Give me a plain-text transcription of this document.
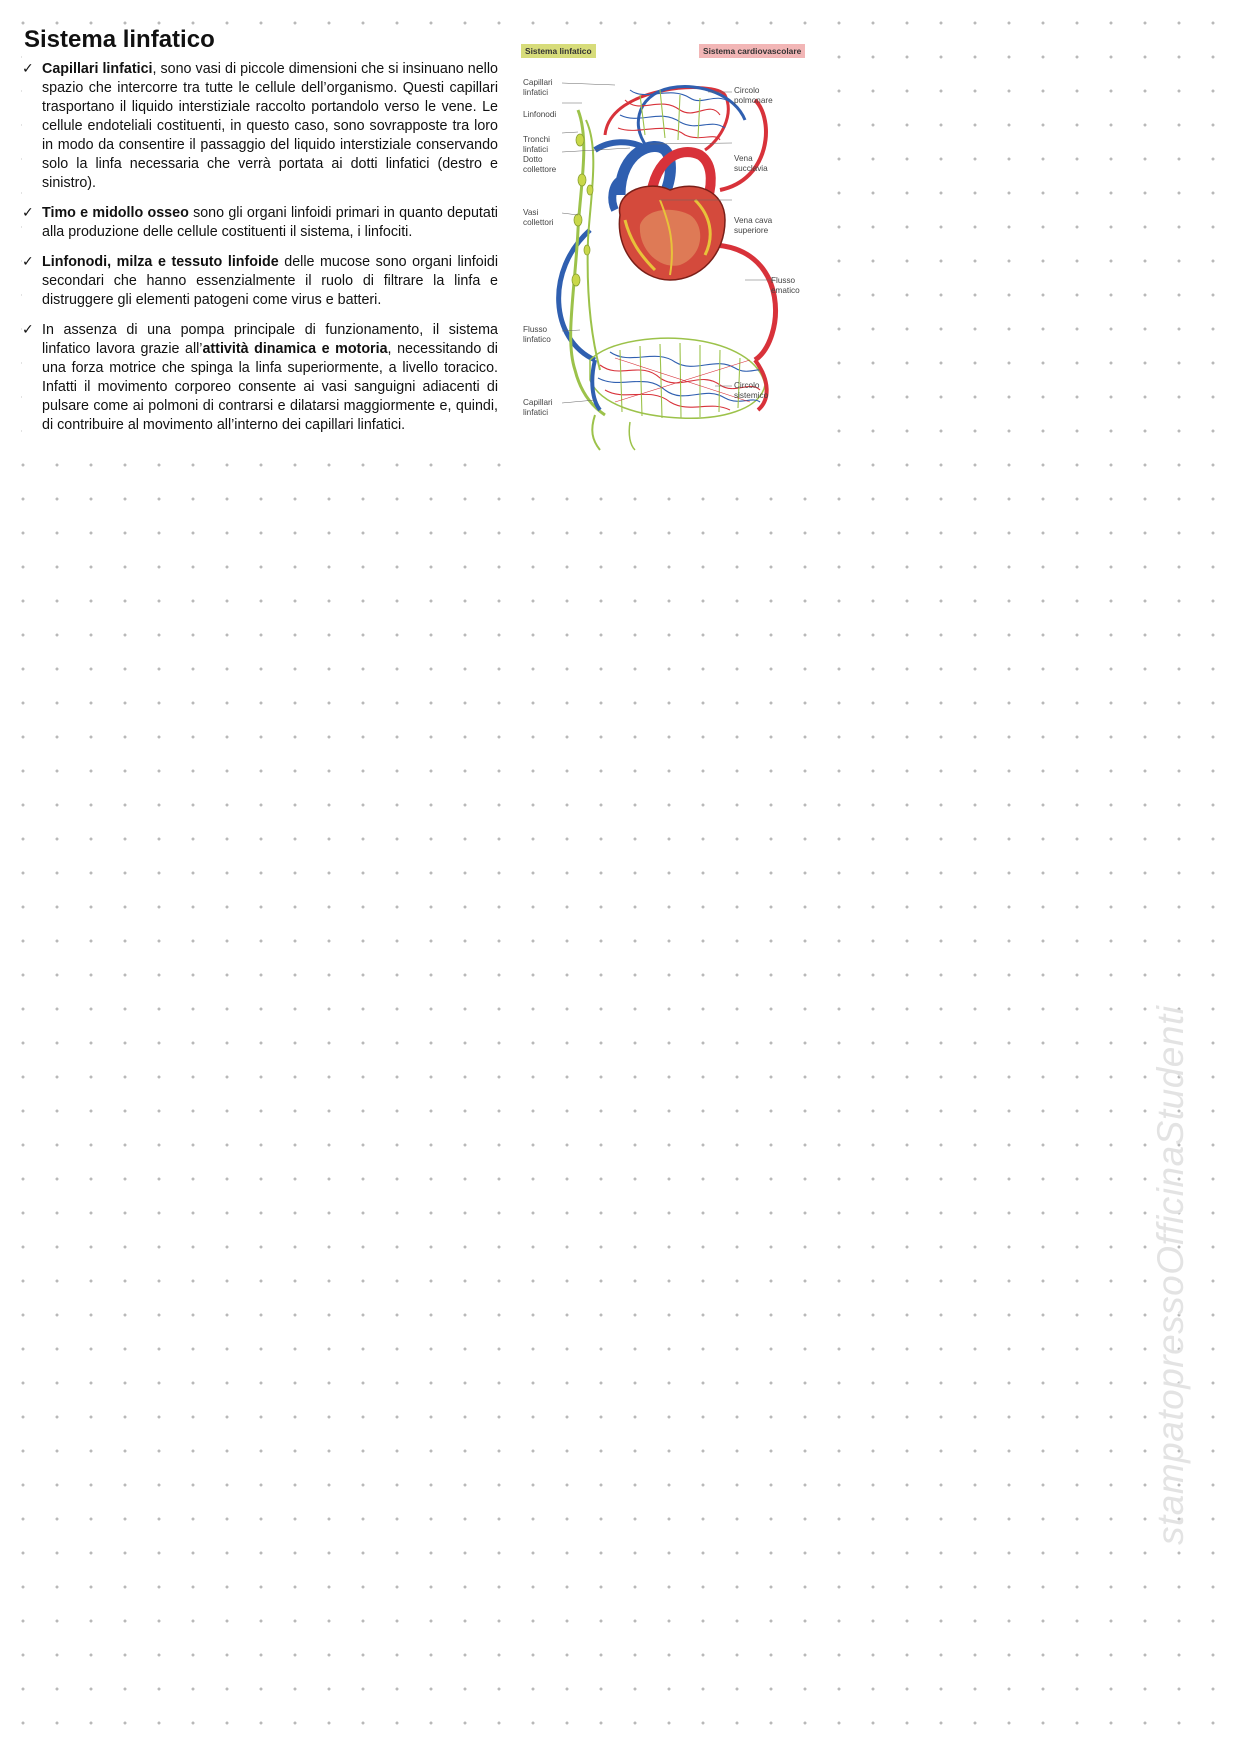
Sistema linfatico
✓ Capillari linfatici, sono vasi di piccole dimensioni che si insinuano nello spazio che intercorre tra tutte le cellule dell’organismo. Questi capillari trasportano il liquido interstiziale raccolto portandolo verso le vene. Le cellule endoteliali costituenti, in questo caso, sono sovrapposte tra loro in modo da consentire il passaggio del liquido interstiziale conservando solo la linfa necessaria che verrà portata ai dotti linfatici (destro e sinistro).
✓ Timo e midollo osseo sono gli organi linfoidi primari in quanto deputati alla produzione delle cellule costituenti il sistema, i linfociti.
✓ Linfonodi, milza e tessuto linfoide delle mucose sono organi linfoidi secondari che hanno essenzialmente il ruolo di filtrare la linfa e distruggere gli elementi patogeni come virus e batteri.
✓ In assenza di una pompa principale di funzionamento, il sistema linfatico lavora grazie all’attività dinamica e motoria, necessitando di una forza motrice che spinga la linfa superiormente, a livello toracico. Infatti il movimento corporeo consente ai vasi sanguigni adiacenti di pulsare come ai polmoni di contrarsi e dilatarsi maggiormente e, quindi, di contribuire al movimento all’interno dei capillari linfatici.
Sistema linfatico	Sistema cardiovascolare
Capillari
linfatici
Linfonodi
Tronchi
linfatici
Dotto
collettore
Vasi
collettori
Flusso
linfatico
Capillari
linfatici
Circolo
polmonare
Vena
succlavia
Vena cava
superiore
Flusso
ematico
Circolo
sistemico
stampatopressoOfficinaStudenti
